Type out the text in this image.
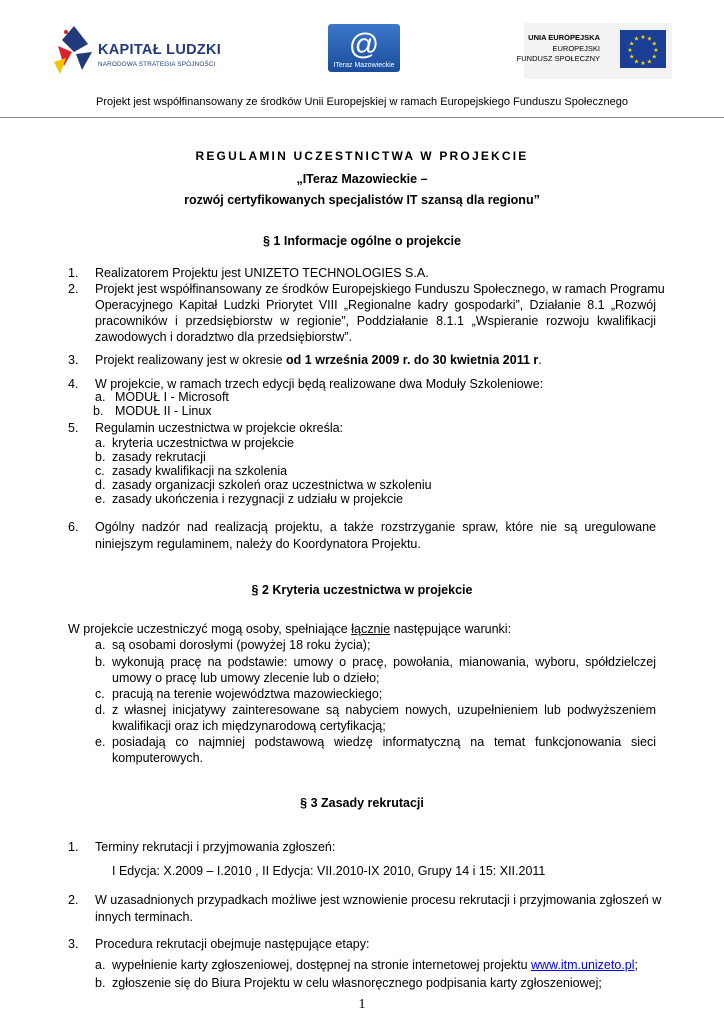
KAPITAŁ LUDZKI
NARODOWA STRATEGIA SPÓJNOŚCI
@
ITeraz Mazowieckie
UNIA EUROPEJSKA
EUROPEJSKI
FUNDUSZ SPOŁECZNY
★ ★
★
★
★
★
★
★
★
★
★
★
Projekt jest współfinansowany ze środków Unii Europejskiej w ramach Europejskiego Funduszu Społecznego
REGULAMIN UCZESTNICTWA W PROJEKCIE
„ITeraz Mazowieckie –
rozwój certyfikowanych specjalistów IT szansą dla regionu”
§ 1 Informacje ogólne o projekcie
1. Realizatorem Projektu jest UNIZETO TECHNOLOGIES S.A.
2. Projekt jest współfinansowany ze środków Europejskiego Funduszu Społecznego, w ramach Programu
Operacyjnego Kapitał Ludzki Priorytet VIII „Regionalne kadry gospodarki”, Działanie 8.1 „Rozwój
pracowników i przedsiębiorstw w regionie”, Poddziałanie 8.1.1 „Wspieranie rozwoju kwalifikacji
zawodowych i doradztwo dla przedsiębiorstw”.
3. Projekt realizowany jest w okresie od 1 września 2009 r. do 30 kwietnia 2011 r.
4. W projekcie, w ramach trzech edycji będą realizowane dwa Moduły Szkoleniowe:
a. MODUŁ I - Microsoft
b. MODUŁ II - Linux
5. Regulamin uczestnictwa w projekcie określa:
a. kryteria uczestnictwa w projekcie
b. zasady rekrutacji
c. zasady kwalifikacji na szkolenia
d. zasady organizacji szkoleń oraz uczestnictwa w szkoleniu
e. zasady ukończenia i rezygnacji z udziału w projekcie
6. Ogólny nadzór nad realizacją projektu, a także rozstrzyganie spraw, które nie są uregulowane
niniejszym regulaminem, należy do Koordynatora Projektu.
§ 2 Kryteria uczestnictwa w projekcie
W projekcie uczestniczyć mogą osoby, spełniające łącznie następujące warunki:
a. są osobami dorosłymi (powyżej 18 roku życia);
b. wykonują pracę na podstawie: umowy o pracę, powołania, mianowania, wyboru, spółdzielczej
umowy o pracę lub umowy zlecenie lub o dzieło;
c. pracują na terenie województwa mazowieckiego;
d. z własnej inicjatywy zainteresowane są nabyciem nowych, uzupełnieniem lub podwyższeniem
kwalifikacji oraz ich międzynarodową certyfikacją;
e. posiadają co najmniej podstawową wiedzę informatyczną na temat funkcjonowania sieci
komputerowych.
§ 3 Zasady rekrutacji
1. Terminy rekrutacji i przyjmowania zgłoszeń:
I Edycja: X.2009 – I.2010 , II Edycja: VII.2010-IX 2010, Grupy 14 i 15: XII.2011
2. W uzasadnionych przypadkach możliwe jest wznowienie procesu rekrutacji i przyjmowania zgłoszeń w
innych terminach.
3. Procedura rekrutacji obejmuje następujące etapy:
a. wypełnienie karty zgłoszeniowej, dostępnej na stronie internetowej projektu www.itm.unizeto.pl;
b. zgłoszenie się do Biura Projektu w celu własnoręcznego podpisania karty zgłoszeniowej;
1
